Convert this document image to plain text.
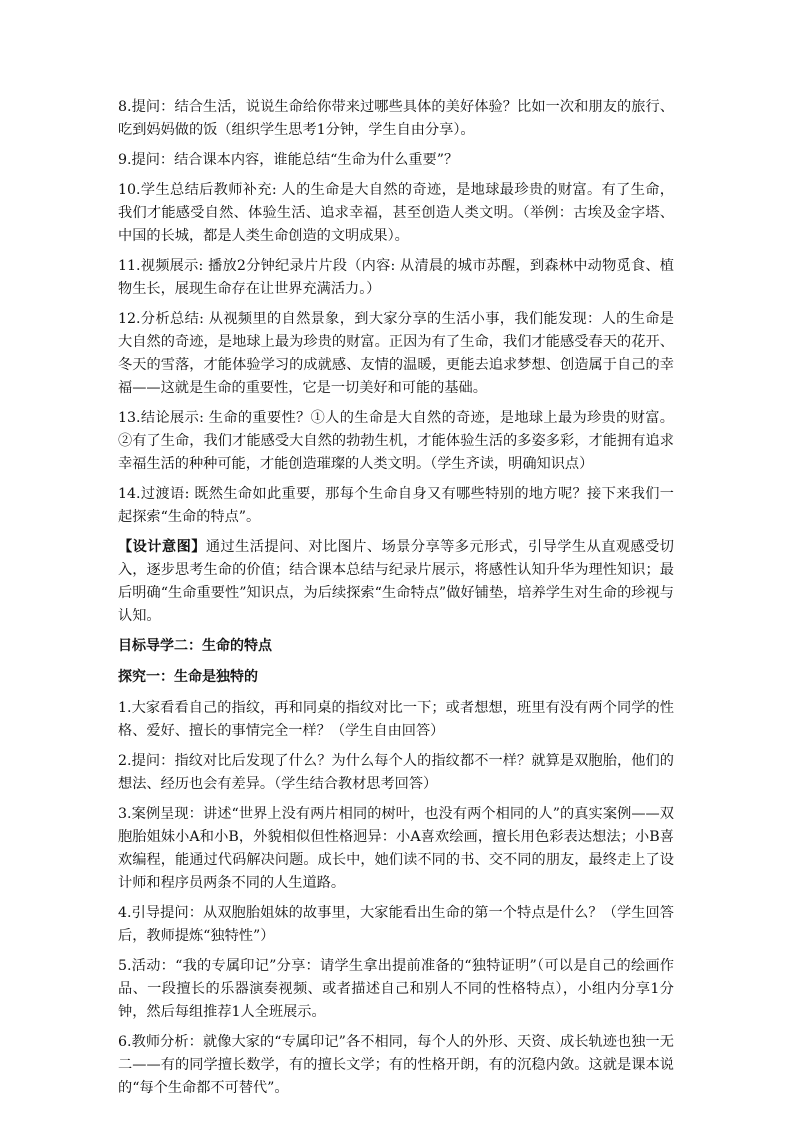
8.提问：结合生活，说说生命给你带来过哪些具体的美好体验？比如一次和朋友的旅行、吃到妈妈做的饭（组织学生思考1分钟，学生自由分享）。

9.提问：结合课本内容，谁能总结“生命为什么重要”？

10.学生总结后教师补充: 人的生命是大自然的奇迹，是地球最珍贵的财富。有了生命，我们才能感受自然、体验生活、追求幸福，甚至创造人类文明。（举例：古埃及金字塔、中国的长城，都是人类生命创造的文明成果）。

11.视频展示: 播放2分钟纪录片片段（内容: 从清晨的城市苏醒，到森林中动物觅食、植物生长，展现生命存在让世界充满活力。）

12.分析总结: 从视频里的自然景象，到大家分享的生活小事，我们能发现：人的生命是大自然的奇迹，是地球上最为珍贵的财富。正因为有了生命，我们才能感受春天的花开、冬天的雪落，才能体验学习的成就感、友情的温暖，更能去追求梦想、创造属于自己的幸福——这就是生命的重要性，它是一切美好和可能的基础。

13.结论展示: 生命的重要性？①人的生命是大自然的奇迹，是地球上最为珍贵的财富。②有了生命，我们才能感受大自然的勃勃生机，才能体验生活的多姿多彩，才能拥有追求幸福生活的种种可能，才能创造璀璨的人类文明。（学生齐读，明确知识点）

14.过渡语: 既然生命如此重要，那每个生命自身又有哪些特别的地方呢？接下来我们一起探索“生命的特点”。

【设计意图】通过生活提问、对比图片、场景分享等多元形式，引导学生从直观感受切入，逐步思考生命的价值；结合课本总结与纪录片展示，将感性认知升华为理性知识；最后明确“生命重要性”知识点，为后续探索“生命特点”做好铺垫，培养学生对生命的珍视与认知。

目标导学二：生命的特点

探究一：生命是独特的

1.大家看看自己的指纹，再和同桌的指纹对比一下；或者想想，班里有没有两个同学的性格、爱好、擅长的事情完全一样？（学生自由回答）

2.提问：指纹对比后发现了什么？为什么每个人的指纹都不一样？就算是双胞胎，他们的想法、经历也会有差异。（学生结合教材思考回答）

3.案例呈现：讲述“世界上没有两片相同的树叶，也没有两个相同的人”的真实案例——双胞胎姐妹小A和小B，外貌相似但性格迥异：小A喜欢绘画，擅长用色彩表达想法；小B喜欢编程，能通过代码解决问题。成长中，她们读不同的书、交不同的朋友，最终走上了设计师和程序员两条不同的人生道路。

4.引导提问：从双胞胎姐妹的故事里，大家能看出生命的第一个特点是什么？（学生回答后，教师提炼“独特性”）

5.活动：“我的专属印记”分享：请学生拿出提前准备的“独特证明”（可以是自己的绘画作品、一段擅长的乐器演奏视频、或者描述自己和别人不同的性格特点），小组内分享1分钟，然后每组推荐1人全班展示。

6.教师分析：就像大家的“专属印记”各不相同，每个人的外形、天资、成长轨迹也独一无二——有的同学擅长数学，有的擅长文学；有的性格开朗，有的沉稳内敛。这就是课本说的“每个生命都不可替代”。
